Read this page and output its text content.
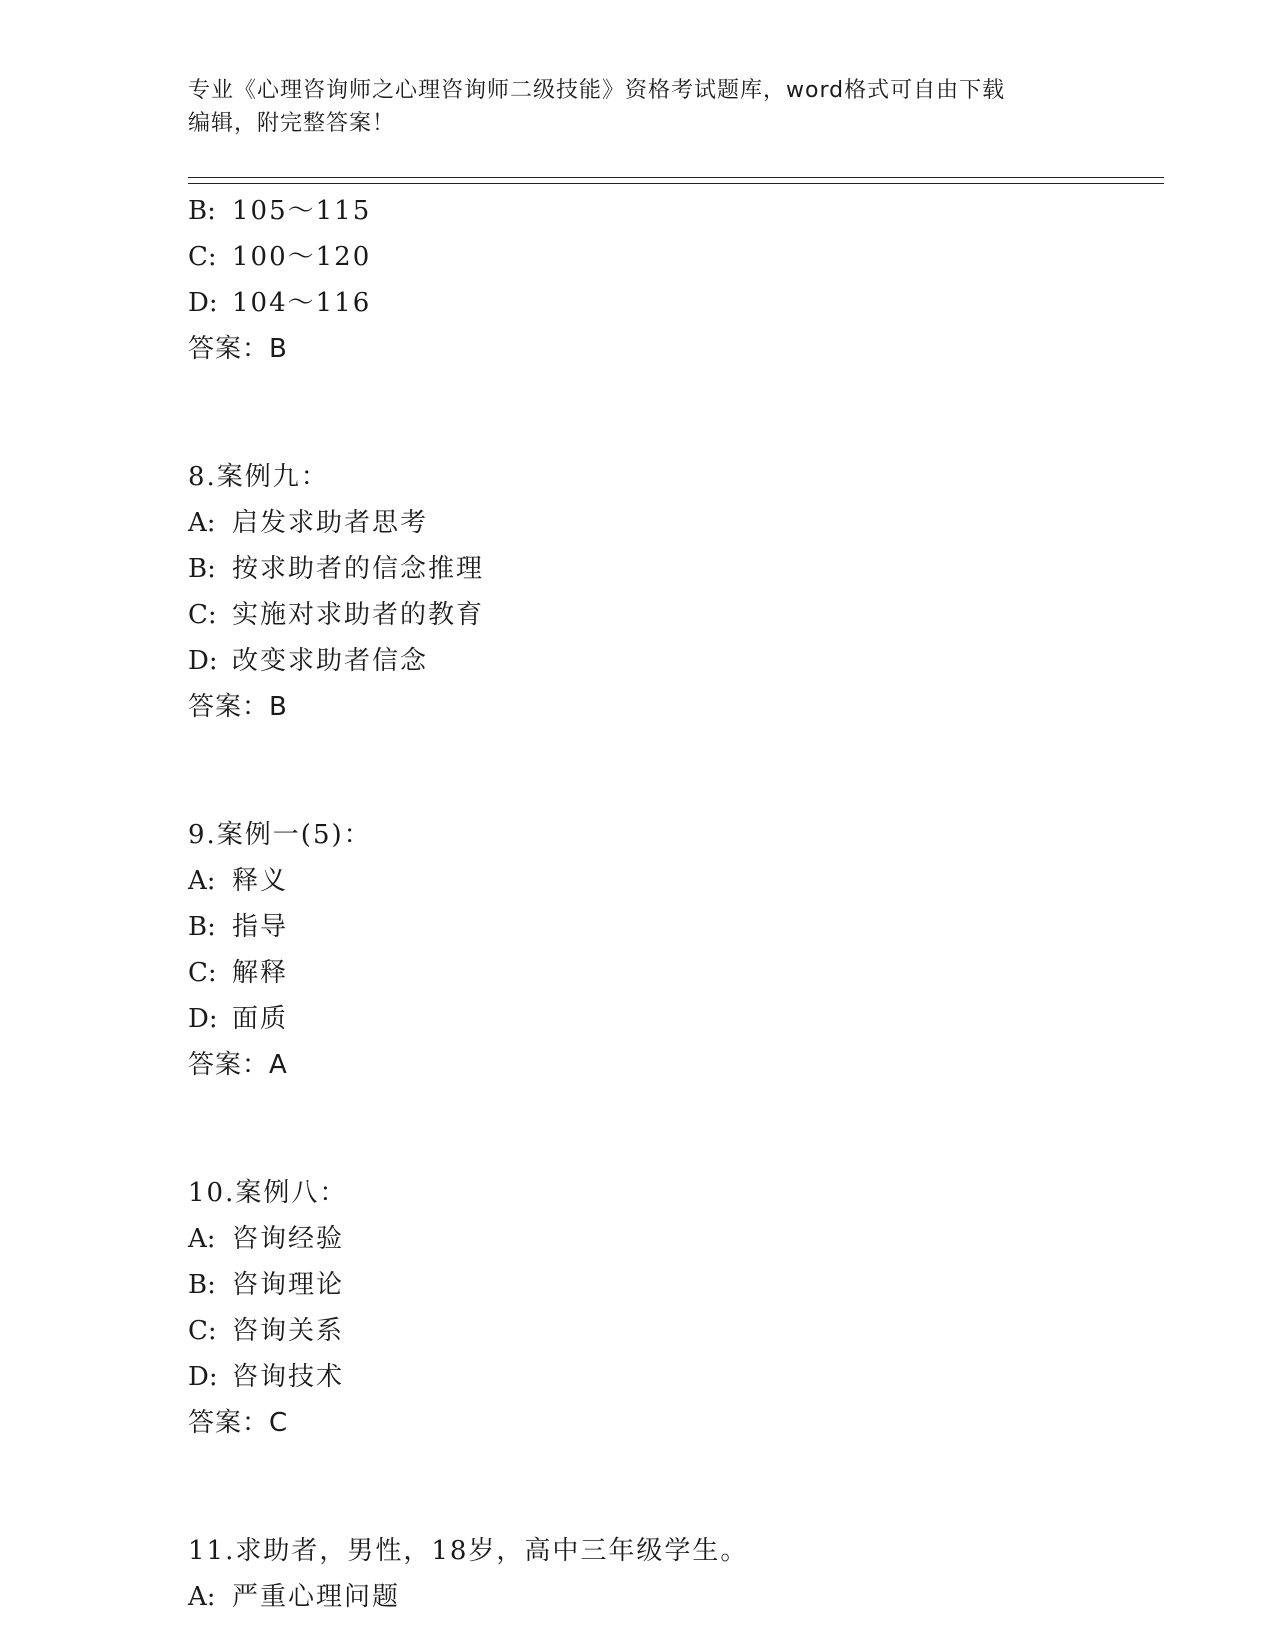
专业《心理咨询师之心理咨询师二级技能》资格考试题库，word格式可自由下载
编辑，附完整答案！
B: 105～115
C: 100～120
D: 104～116
答案：B
8.案例九：
A: 启发求助者思考
B: 按求助者的信念推理
C: 实施对求助者的教育
D: 改变求助者信念
答案：B
9.案例一(5)：
A: 释义
B: 指导
C: 解释
D: 面质
答案：A
10.案例八：
A: 咨询经验
B: 咨询理论
C: 咨询关系
D: 咨询技术
答案：C
11.求助者，男性，18岁，高中三年级学生。
A: 严重心理问题
